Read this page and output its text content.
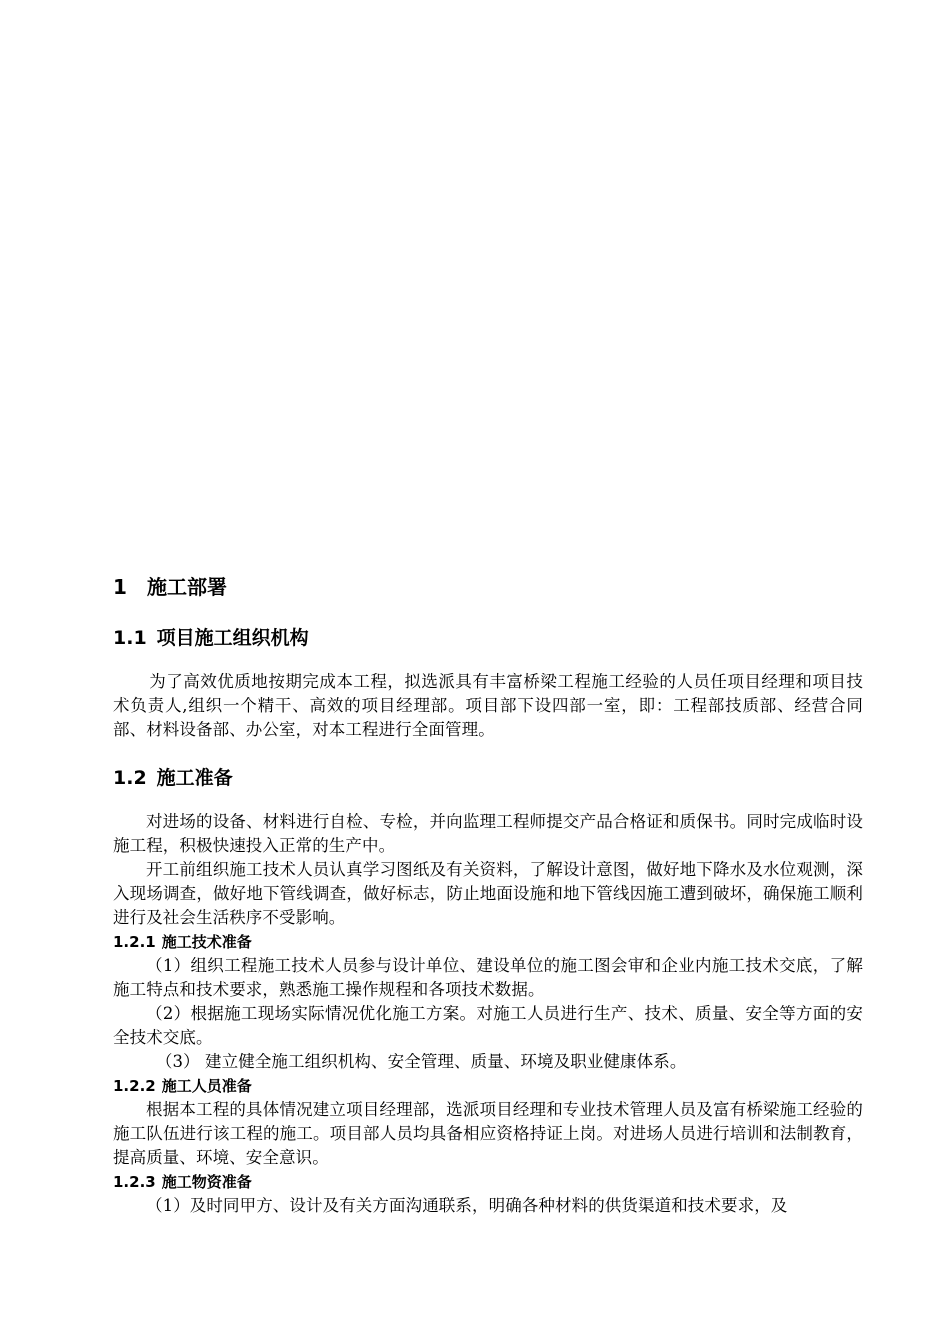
1 施工部署
1.1 项目施工组织机构

为了高效优质地按期完成本工程，拟选派具有丰富桥梁工程施工经验的人员任项目经理和项目技术负责人,组织一个精干、高效的项目经理部。项目部下设四部一室，即：工程部技质部、经营合同部、材料设备部、办公室，对本工程进行全面管理。

1.2 施工准备

对进场的设备、材料进行自检、专检，并向监理工程师提交产品合格证和质保书。同时完成临时设施工程，积极快速投入正常的生产中。

开工前组织施工技术人员认真学习图纸及有关资料，了解设计意图，做好地下降水及水位观测，深入现场调查，做好地下管线调查，做好标志，防止地面设施和地下管线因施工遭到破坏，确保施工顺利进行及社会生活秩序不受影响。

1.2.1 施工技术准备

（1）组织工程施工技术人员参与设计单位、建设单位的施工图会审和企业内施工技术交底，了解施工特点和技术要求，熟悉施工操作规程和各项技术数据。

（2）根据施工现场实际情况优化施工方案。对施工人员进行生产、技术、质量、安全等方面的安全技术交底。

（3） 建立健全施工组织机构、安全管理、质量、环境及职业健康体系。

1.2.2 施工人员准备

根据本工程的具体情况建立项目经理部，选派项目经理和专业技术管理人员及富有桥梁施工经验的施工队伍进行该工程的施工。项目部人员均具备相应资格持证上岗。对进场人员进行培训和法制教育，提高质量、环境、安全意识。

1.2.3 施工物资准备

（1）及时同甲方、设计及有关方面沟通联系，明确各种材料的供货渠道和技术要求，及
